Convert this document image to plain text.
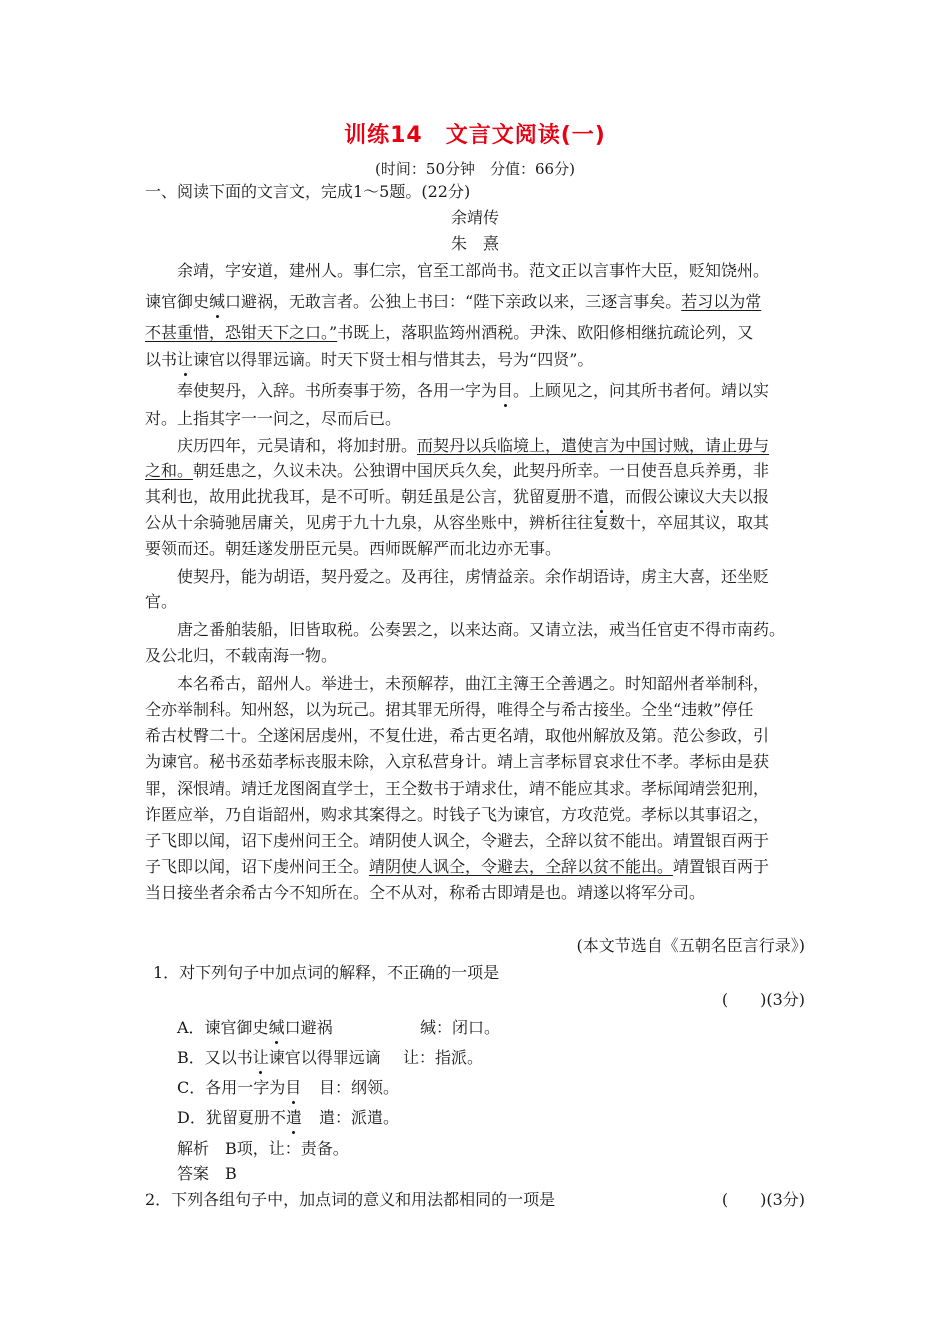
训练14　文言文阅读(一)
(时间：50分钟　分值：66分)
一、阅读下面的文言文，完成1～5题。(22分)
余靖传
朱　熹
余靖，字安道，建州人。事仁宗，官至工部尚书。范文正以言事忤大臣，贬知饶州。
谏官御史缄口避祸，无敢言者。公独上书曰：“陛下亲政以来，三逐言事矣。若习以为常
不甚重惜，恐钳天下之口。”书既上，落职监筠州酒税。尹洙、欧阳修相继抗疏论列，又
以书让谏官以得罪远谪。时天下贤士相与惜其去，号为“四贤”。
奉使契丹，入辞。书所奏事于笏，各用一字为目。上顾见之，问其所书者何。靖以实
对。上指其字一一问之，尽而后已。
庆历四年，元昊请和，将加封册。而契丹以兵临境上，遣使言为中国讨贼，请止毋与
之和。朝廷患之，久议未决。公独谓中国厌兵久矣，此契丹所幸。一日使吾息兵养勇，非
其利也，故用此扰我耳，是不可听。朝廷虽是公言，犹留夏册不遣，而假公谏议大夫以报
公从十余骑驰居庸关，见虏于九十九泉，从容坐账中，辨析往往复数十，卒屈其议，取其
要领而还。朝廷遂发册臣元昊。西师既解严而北边亦无事。
使契丹，能为胡语，契丹爱之。及再往，虏情益亲。余作胡语诗，虏主大喜，还坐贬
官。
唐之番舶装船，旧皆取税。公奏罢之，以来达商。又请立法，戒当任官吏不得市南药。
及公北归，不载南海一物。
本名希古，韶州人。举进士，未预解荐，曲江主簿王仝善遇之。时知韶州者举制科，
仝亦举制科。知州怒，以为玩己。捃其罪无所得，唯得仝与希古接坐。仝坐“违敕”停任
希古杖臀二十。仝遂闲居虔州，不复仕进，希古更名靖，取他州解放及第。范公参政，引
为谏官。秘书丞茹孝标丧服未除，入京私营身计。靖上言孝标冒哀求仕不孝。孝标由是获
罪，深恨靖。靖迁龙图阁直学士，王仝数书于靖求仕，靖不能应其求。孝标闻靖尝犯刑，
诈匿应举，乃自诣韶州，购求其案得之。时钱子飞为谏官，方攻范党。孝标以其事诏之，
子飞即以闻，诏下虔州问王仝。靖阴使人讽仝，令避去，仝辞以贫不能出。靖置银百两于
子飞即以闻，诏下虔州问王仝。靖阴使人讽仝，令避去，仝辞以贫不能出。靖置银百两于
当日接坐者余希古今不知所在。仝不从对，称希古即靖是也。靖遂以将军分司。
(本文节选自《五朝名臣言行录》)
1．对下列句子中加点词的解释，不正确的一项是
(　　)(3分)
A．谏官御史缄口避祸	缄：闭口。
B．又以书让谏官以得罪远谪 让：指派。
C．各用一字为目 目：纲领。
D．犹留夏册不遣 遣：派遣。
解析　B项，让：责备。
答案　B
2．下列各组句子中，加点词的意义和用法都相同的一项是	(　　)(3分)
